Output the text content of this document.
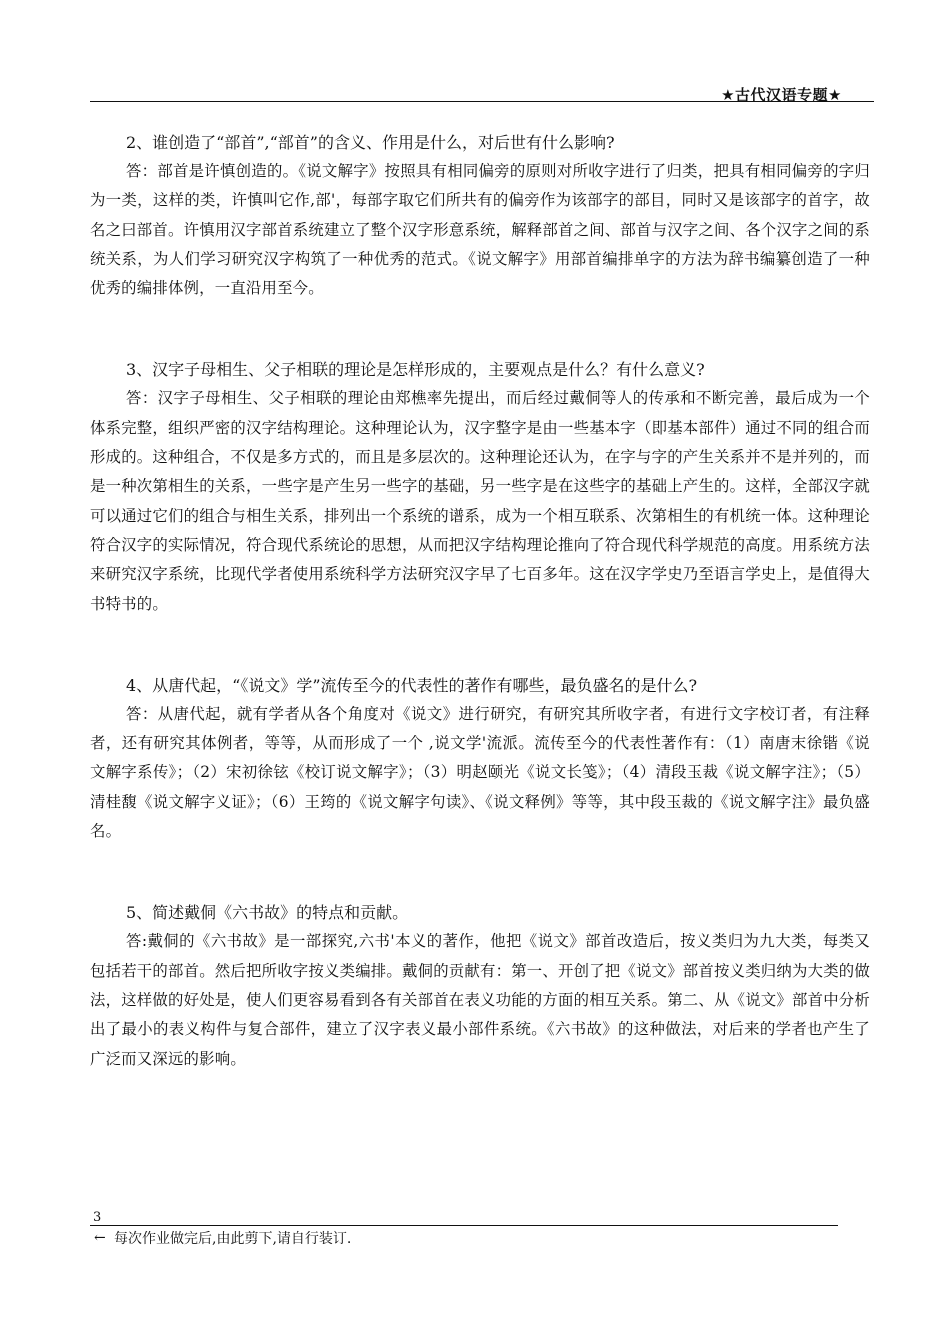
★古代汉语专题★

2、谁创造了“部首”,“部首”的含义、作用是什么，对后世有什么影响?

答：部首是许慎创造的。《说文解字》按照具有相同偏旁的原则对所收字进行了归类，把具有相同偏旁的字归为一类，这样的类，许慎叫它作,部'，每部字取它们所共有的偏旁作为该部字的部目，同时又是该部字的首字，故名之曰部首。许慎用汉字部首系统建立了整个汉字形意系统，解释部首之间、部首与汉字之间、各个汉字之间的系统关系，为人们学习研究汉字构筑了一种优秀的范式。《说文解字》用部首编排单字的方法为辞书编纂创造了一种优秀的编排体例，一直沿用至今。

3、汉字子母相生、父子相联的理论是怎样形成的，主要观点是什么？有什么意义?

答：汉字子母相生、父子相联的理论由郑樵率先提出，而后经过戴侗等人的传承和不断完善，最后成为一个体系完整，组织严密的汉字结构理论。这种理论认为，汉字整字是由一些基本字（即基本部件）通过不同的组合而形成的。这种组合，不仅是多方式的，而且是多层次的。这种理论还认为，在字与字的产生关系并不是并列的，而是一种次第相生的关系，一些字是产生另一些字的基础，另一些字是在这些字的基础上产生的。这样，全部汉字就可以通过它们的组合与相生关系，排列出一个系统的谱系，成为一个相互联系、次第相生的有机统一体。这种理论符合汉字的实际情况，符合现代系统论的思想，从而把汉字结构理论推向了符合现代科学规范的高度。用系统方法来研究汉字系统，比现代学者使用系统科学方法研究汉字早了七百多年。这在汉字学史乃至语言学史上，是值得大书特书的。

4、从唐代起，“《说文》学”流传至今的代表性的著作有哪些，最负盛名的是什么?

答：从唐代起，就有学者从各个角度对《说文》进行研究，有研究其所收字者，有进行文字校订者，有注释者，还有研究其体例者，等等，从而形成了一个 ,说文学'流派。流传至今的代表性著作有：（1）南唐末徐锴《说文解字系传》；（2）宋初徐铉《校订说文解字》；（3）明赵颐光《说文长笺》；（4）清段玉裁《说文解字注》；（5）清桂馥《说文解字义证》；（6）王筠的《说文解字句读》、《说文释例》等等，其中段玉裁的《说文解字注》最负盛名。

5、简述戴侗《六书故》的特点和贡献。

答:戴侗的《六书故》是一部探究,六书'本义的著作，他把《说文》部首改造后，按义类归为九大类，每类又包括若干的部首。然后把所收字按义类编排。戴侗的贡献有：第一、开创了把《说文》部首按义类归纳为大类的做法，这样做的好处是，使人们更容易看到各有关部首在表义功能的方面的相互关系。第二、从《说文》部首中分析出了最小的表义构件与复合部件，建立了汉字表义最小部件系统。《六书故》的这种做法，对后来的学者也产生了广泛而又深远的影响。

3
← 每次作业做完后,由此剪下,请自行装订.
